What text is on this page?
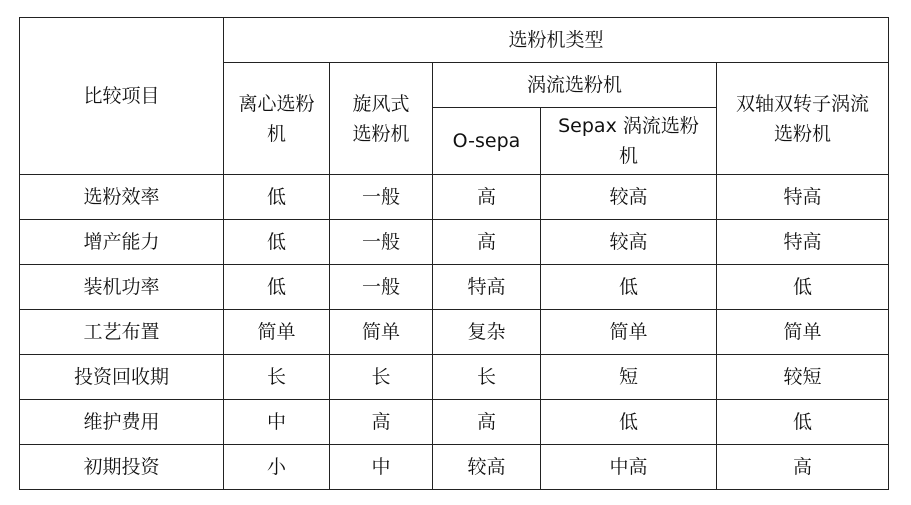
比较项目	选粉机类型				

	离心选粉机	旋风式选粉机	涡流选粉机		双轴双转子涡流选粉机

			O-sepa	Sepax 涡流选粉机	

选粉效率	低	一般	高	较高	特高
增产能力	低	一般	高	较高	特高
装机功率	低	一般	特高	低	低
工艺布置	简单	简单	复杂	简单	简单
投资回收期	长	长	长	短	较短
维护费用	中	高	高	低	低
初期投资	小	中	较高	中高	高
